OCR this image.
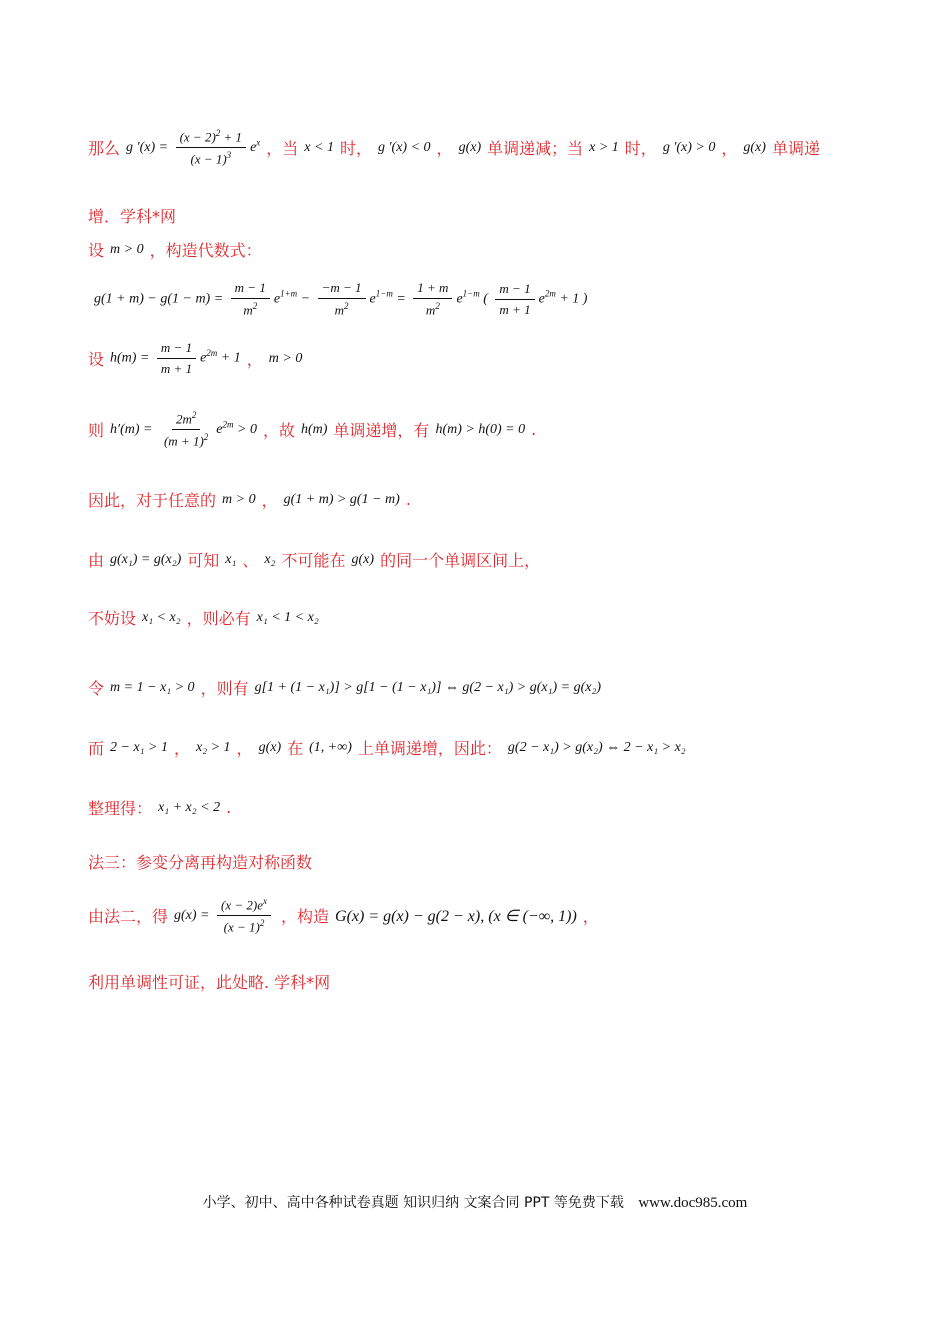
那么 g $'(x) = \frac{(x - 2)^2 + 1}{(x - 1)^3} e^x$ ，当 x < 1 时， g ′(x) < 0 ， g(x) 单调递减；当 x > 1 时， g ′(x) > 0 ， g(x) 单调递
增．学科*网
设 m > 0 ，构造代数式：
$g(1 + m) - g(1 - m) = \frac{m - 1}{m^2} e^{1+m} - \frac{-m - 1}{m^2} e^{1-m} = \frac{1 + m}{m^2} e^{1-m}$ ( $\frac{m - 1}{m + 1} e^{2m} + 1$ )
设 $h(m) = \frac{m - 1}{m + 1} e^{2m} + 1$ ， m > 0
则 $h'(m) = \frac{2m^2}{(m + 1)^2} e^{2m} > 0$ ，故 h(m) 单调递增，有 h(m) > h(0) = 0 .
因此，对于任意的 m > 0 ， g(1 + m) > g(1 − m) .
由 g(x₁) = g(x₂) 可知 x₁ 、 x₂ 不可能在 g(x) 的同一个单调区间上，
不妨设 x₁ < x₂ ，则必有 x₁ < 1 < x₂
令 m = 1 − x₁ > 0 ，则有 g[1 + (1 − x₁)] > g[1 − (1 − x₁)] ⇔ g(2 − x₁) > g(x₁) = g(x₂)
而 2 − x₁ > 1 ， x₂ > 1 ， g(x) 在 (1, +∞) 上单调递增，因此： g(2 − x₁) > g(x₂) ⇔ 2 − x₁ > x₂
整理得： x₁ + x₂ < 2 .
法三：参变分离再构造对称函数
由法二，得 $g(x) = \frac{(x - 2)e^x}{(x - 1)^2}$ ，构造 G(x) = g(x) − g(2 − x), (x ∈ (−∞, 1)) ，
利用单调性可证，此处略. 学科*网
小学、初中、高中各种试卷真题 知识归纳 文案合同 PPT 等免费下载 www.doc985.com
